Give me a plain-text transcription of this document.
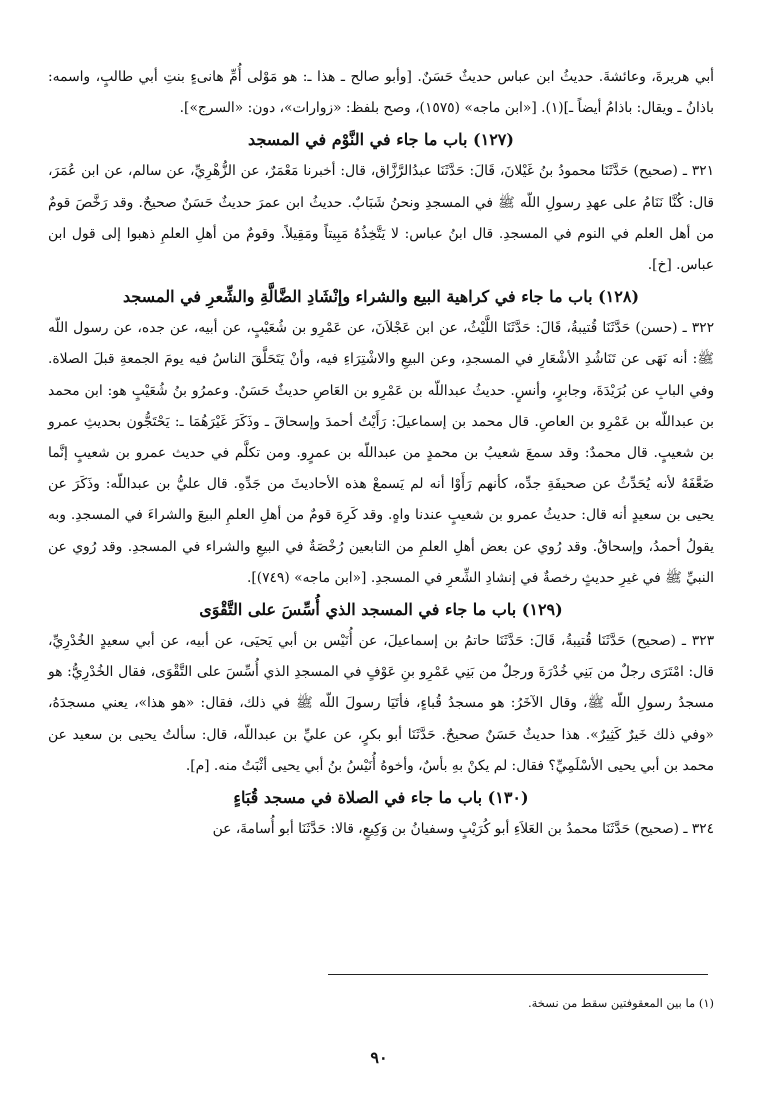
أبي هريرةَ، وعائشةَ. حديثُ ابن عباس حديثٌ حَسَنٌ. [وأبو صالح ـ هذا ـ: هو مَوْلى أُمِّ هانىءٍ بنتِ أبي طالبٍ، واسمه: باذانُ ـ ويقال: باذامُ أيضاً ـ](١). [«ابن ماجه» (١٥٧٥)، وصح بلفظ: «زوارات»، دون: «السرج»].

(١٢٧) باب ما جاء في النَّوْم في المسجد

٣٢١ ـ (صحيح) حَدَّثَنَا محمودُ بنُ غَيْلانَ، قَالَ: حَدَّثَنَا عبدُالرَّزَّاق، قال: أخبرنا مَعْمَرٌ، عن الزُّهْرِيِّ، عن سالم، عن ابن عُمَرَ، قال: كُنَّا نَنَامُ على عهدِ رسولِ اللّه ﷺ في المسجدِ ونحنُ شَبَابٌ. حديثُ ابن عمرَ حديثٌ حَسَنٌ صحيحٌ. وقد رَخَّصَ قومٌ من أهل العلم في النوم في المسجدِ. قال ابنُ عباس: لا يَتَّخِذُهُ مَبِيتاً ومَقِيلاً. وقومٌ من أهلِ العلمِ ذهبوا إلى قول ابن عباس. [خ].

(١٢٨) باب ما جاء في كراهية البيع والشراء وإنْشَادِ الضَّالَّةِ والشِّعرِ في المسجد

٣٢٢ ـ (حسن) حَدَّثَنَا قُتيبةُ، قَالَ: حَدَّثَنَا اللَّيْثُ، عن ابن عَجْلاَنَ، عن عَمْرِو بن شُعَيْبٍ، عن أبيه، عن جده، عن رسول اللّه ﷺ: أنه نَهَى عن تَنَاشُدِ الأشْعَارِ في المسجدِ، وعن البيعِ والاشْتِرَاءِ فيه، وأنْ يَتَحَلَّقَ الناسُ فيه يومَ الجمعةِ قبلَ الصلاة. وفي البابِ عن بُرَيْدَةَ، وجابرٍ، وأنسٍ. حديثُ عبداللّه بن عَمْرِو بن العَاصِ حديثٌ حَسَنٌ. وعمرُو بنُ شُعَيْبٍ هو: ابن محمد بن عبداللّه بن عَمْرِو بن العاصِ. قال محمد بن إسماعيلَ: رَأَيْتُ أحمدَ وإسحاقَ ـ وذَكَرَ غَيْرَهُمَا ـ: يَحْتَجُّون بحديثِ عمرو بن شعيبٍ. قال محمدٌ: وقد سمعَ شعيبُ بن محمدٍ من عبداللّه بن عمرٍو. ومن تكلَّم في حديث عمرو بن شعيبٍ إنَّما ضَعَّفَهُ لأنه يُحَدِّثُ عن صحيفَةِ جدِّه، كأنهم رَأَوْا أنه لم يَسمعْ هذه الأحاديثَ من جَدِّهِ. قال عليُّ بن عبداللّه: وذَكَرَ عن يحيى بن سعيدٍ أنه قال: حديثُ عمرو بن شعيبٍ عندنا واهٍ. وقد كَرِهَ قومٌ من أهلِ العلمِ البيعَ والشراءَ في المسجدِ. وبه يقولُ أحمدُ، وإسحاقُ. وقد رُوي عن بعض أهلِ العلمِ من التابعين رُخْصَةٌ في البيعِ والشراء في المسجدِ. وقد رُوي عن النبيِّ ﷺ في غيرِ حديثٍ رخصةٌ في إنشادِ الشِّعرِ في المسجدِ. [«ابن ماجه» (٧٤٩)].

(١٢٩) باب ما جاء في المسجد الذي أُسِّسَ على التَّقْوَى

٣٢٣ ـ (صحيح) حَدَّثَنَا قُتيبةُ، قَالَ: حَدَّثَنَا حاتمُ بن إسماعيلَ، عن أُنَيْس بن أبي يَحيَى، عن أبيه، عن أبي سعيدٍ الخُدْرِيِّ، قال: امْتَرَى رجلٌ من بَنِي خُدْرَةَ ورجلٌ من بَنِي عَمْرِو بنِ عَوْفٍ في المسجدِ الذي أُسِّسَ على التَّقْوَى، فقال الخُدْرِيُّ: هو مسجدُ رسولِ اللّه ﷺ، وقال الآخَرُ: هو مسجدُ قُباءٍ، فأتَيَا رسولَ اللّه ﷺ في ذلك، فقال: «هو هذا»، يعني مسجدَهُ، «وفي ذلك خَيرٌ كَثِيرٌ». هذا حديثٌ حَسَنٌ صحيحٌ. حَدَّثَنَا أبو بكرٍ، عن عليِّ بن عبداللّه، قال: سألتُ يحيى بن سعيد عن محمد بن أبي يحيى الأسْلَمِيِّ؟ فقال: لم يكنْ بهِ بأسٌ، وأخوهُ أُنَيْسُ بنُ أبي يحيى أثْبَتُ منه. [م].

(١٣٠) باب ما جاء في الصلاة في مسجد قُبَاءٍ

٣٢٤ ـ (صحيح) حَدَّثَنَا محمدُ بن العَلاَءِ أبو كُرَيْبٍ وسفيانُ بن وَكِيعٍ، قالا: حَدَّثَنَا أبو أُسامةَ، عن

(١) ما بين المعقوفتين سقط من نسخة.
٩٠
